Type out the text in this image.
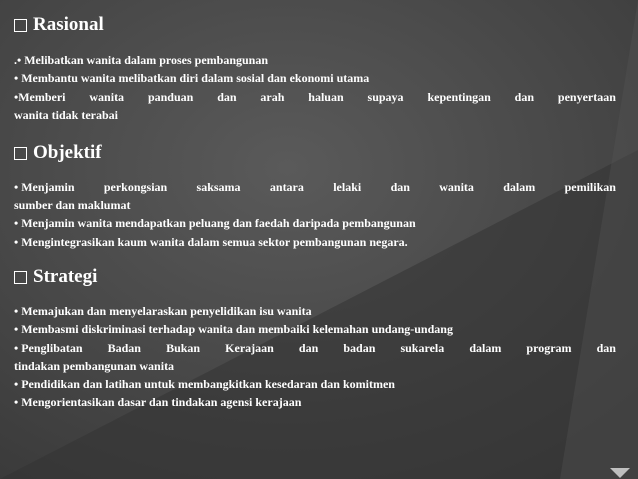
Rasional
.• Melibatkan wanita dalam proses pembangunan
• Membantu wanita melibatkan diri dalam sosial dan ekonomi utama
•Memberi wanita panduan dan arah haluan supaya kepentingan dan penyertaan
wanita tidak terabai
Objektif
• Menjamin perkongsian saksama antara lelaki dan wanita dalam pemilikan
sumber dan maklumat
• Menjamin wanita mendapatkan peluang dan faedah daripada pembangunan
• Mengintegrasikan kaum wanita dalam semua sektor pembangunan negara.
Strategi
• Memajukan dan menyelaraskan penyelidikan isu wanita
• Membasmi diskriminasi terhadap wanita dan membaiki kelemahan undang-undang
• Penglibatan Badan Bukan Kerajaan dan badan sukarela dalam program dan
tindakan pembangunan wanita
• Pendidikan dan latihan untuk membangkitkan kesedaran dan komitmen
• Mengorientasikan dasar dan tindakan agensi kerajaan
